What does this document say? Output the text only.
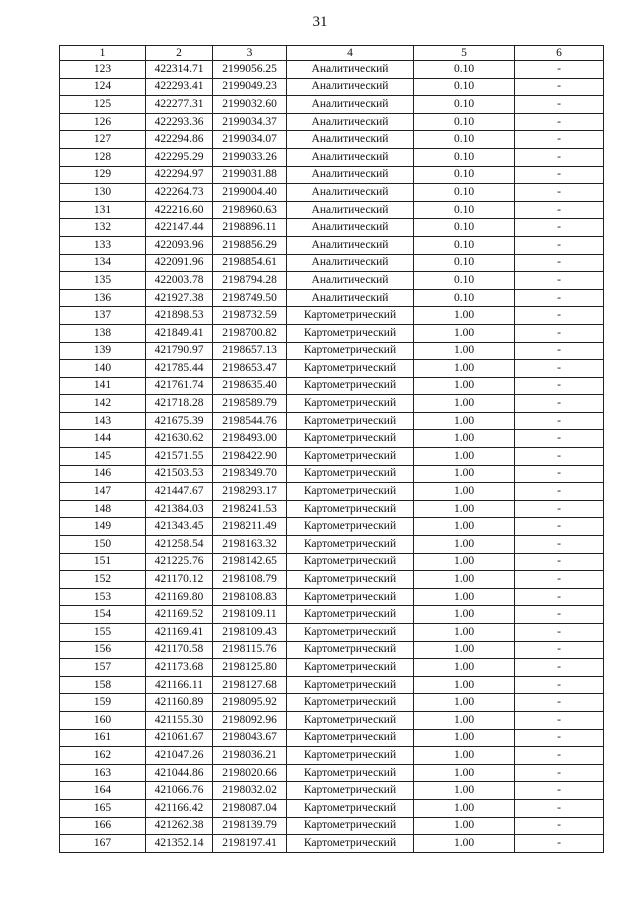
31
1	2	3	4	5	6
123	422314.71	2199056.25	Аналитический	0.10	-
124	422293.41	2199049.23	Аналитический	0.10	-
125	422277.31	2199032.60	Аналитический	0.10	-
126	422293.36	2199034.37	Аналитический	0.10	-
127	422294.86	2199034.07	Аналитический	0.10	-
128	422295.29	2199033.26	Аналитический	0.10	-
129	422294.97	2199031.88	Аналитический	0.10	-
130	422264.73	2199004.40	Аналитический	0.10	-
131	422216.60	2198960.63	Аналитический	0.10	-
132	422147.44	2198896.11	Аналитический	0.10	-
133	422093.96	2198856.29	Аналитический	0.10	-
134	422091.96	2198854.61	Аналитический	0.10	-
135	422003.78	2198794.28	Аналитический	0.10	-
136	421927.38	2198749.50	Аналитический	0.10	-
137	421898.53	2198732.59	Картометрический	1.00	-
138	421849.41	2198700.82	Картометрический	1.00	-
139	421790.97	2198657.13	Картометрический	1.00	-
140	421785.44	2198653.47	Картометрический	1.00	-
141	421761.74	2198635.40	Картометрический	1.00	-
142	421718.28	2198589.79	Картометрический	1.00	-
143	421675.39	2198544.76	Картометрический	1.00	-
144	421630.62	2198493.00	Картометрический	1.00	-
145	421571.55	2198422.90	Картометрический	1.00	-
146	421503.53	2198349.70	Картометрический	1.00	-
147	421447.67	2198293.17	Картометрический	1.00	-
148	421384.03	2198241.53	Картометрический	1.00	-
149	421343.45	2198211.49	Картометрический	1.00	-
150	421258.54	2198163.32	Картометрический	1.00	-
151	421225.76	2198142.65	Картометрический	1.00	-
152	421170.12	2198108.79	Картометрический	1.00	-
153	421169.80	2198108.83	Картометрический	1.00	-
154	421169.52	2198109.11	Картометрический	1.00	-
155	421169.41	2198109.43	Картометрический	1.00	-
156	421170.58	2198115.76	Картометрический	1.00	-
157	421173.68	2198125.80	Картометрический	1.00	-
158	421166.11	2198127.68	Картометрический	1.00	-
159	421160.89	2198095.92	Картометрический	1.00	-
160	421155.30	2198092.96	Картометрический	1.00	-
161	421061.67	2198043.67	Картометрический	1.00	-
162	421047.26	2198036.21	Картометрический	1.00	-
163	421044.86	2198020.66	Картометрический	1.00	-
164	421066.76	2198032.02	Картометрический	1.00	-
165	421166.42	2198087.04	Картометрический	1.00	-
166	421262.38	2198139.79	Картометрический	1.00	-
167	421352.14	2198197.41	Картометрический	1.00	-
